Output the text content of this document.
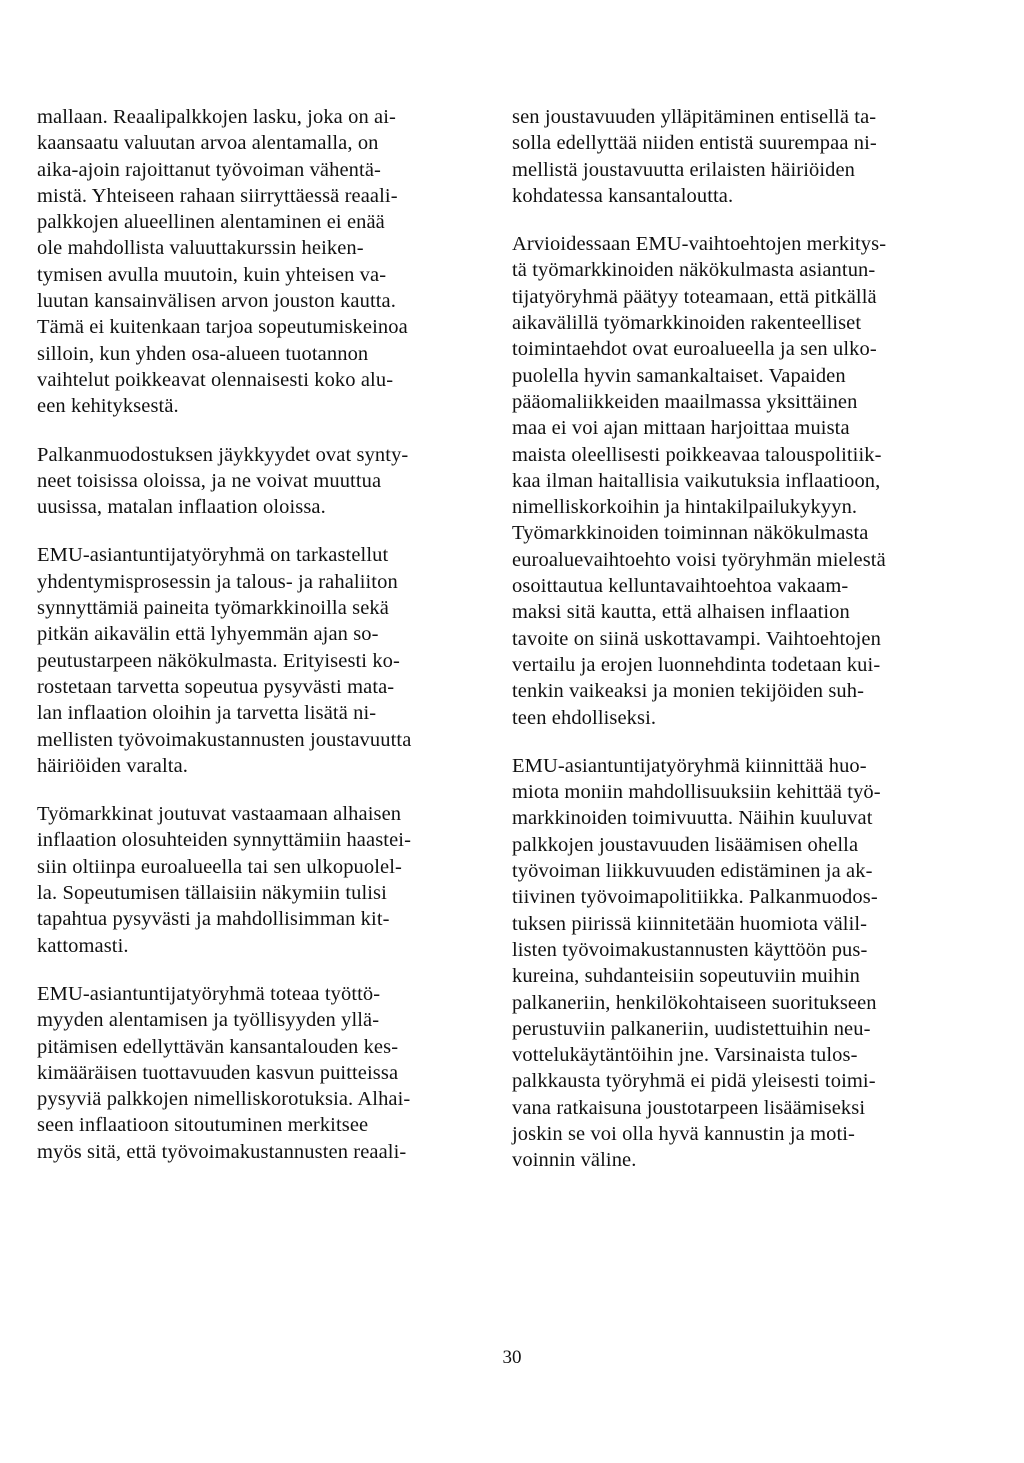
mallaan. Reaalipalkkojen lasku, joka on ai-
kaansaatu valuutan arvoa alentamalla, on
aika-ajoin rajoittanut työvoiman vähentä-
mistä. Yhteiseen rahaan siirryttäessä reaali-
palkkojen alueellinen alentaminen ei enää
ole mahdollista valuuttakurssin heiken-
tymisen avulla muutoin, kuin yhteisen va-
luutan kansainvälisen arvon jouston kautta.
Tämä ei kuitenkaan tarjoa sopeutumiskeinoa
silloin, kun yhden osa-alueen tuotannon
vaihtelut poikkeavat olennaisesti koko alu-
een kehityksestä.
Palkanmuodostuksen jäykkyydet ovat synty-
neet toisissa oloissa, ja ne voivat muuttua
uusissa, matalan inflaation oloissa.
EMU-asiantuntijatyöryhmä on tarkastellut
yhdentymisprosessin ja talous- ja rahaliiton
synnyttämiä paineita työmarkkinoilla sekä
pitkän aikavälin että lyhyemmän ajan so-
peutustarpeen näkökulmasta. Erityisesti ko-
rostetaan tarvetta sopeutua pysyvästi mata-
lan inflaation oloihin ja tarvetta lisätä ni-
mellisten työvoimakustannusten joustavuutta
häiriöiden varalta.
Työmarkkinat joutuvat vastaamaan alhaisen
inflaation olosuhteiden synnyttämiin haastei-
siin oltiinpa euroalueella tai sen ulkopuolel-
la. Sopeutumisen tällaisiin näkymiin tulisi
tapahtua pysyvästi ja mahdollisimman kit-
kattomasti.
EMU-asiantuntijatyöryhmä toteaa työttö-
myyden alentamisen ja työllisyyden yllä-
pitämisen edellyttävän kansantalouden kes-
kimääräisen tuottavuuden kasvun puitteissa
pysyviä palkkojen nimelliskorotuksia. Alhai-
seen inflaatioon sitoutuminen merkitsee
myös sitä, että työvoimakustannusten reaali-
sen joustavuuden ylläpitäminen entisellä ta-
solla edellyttää niiden entistä suurempaa ni-
mellistä joustavuutta erilaisten häiriöiden
kohdatessa kansantaloutta.
Arvioidessaan EMU-vaihtoehtojen merkitys-
tä työmarkkinoiden näkökulmasta asiantun-
tijatyöryhmä päätyy toteamaan, että pitkällä
aikavälillä työmarkkinoiden rakenteelliset
toimintaehdot ovat euroalueella ja sen ulko-
puolella hyvin samankaltaiset. Vapaiden
pääomaliikkeiden maailmassa yksittäinen
maa ei voi ajan mittaan harjoittaa muista
maista oleellisesti poikkeavaa talouspolitiik-
kaa ilman haitallisia vaikutuksia inflaatioon,
nimelliskorkoihin ja hintakilpailukykyyn.
Työmarkkinoiden toiminnan näkökulmasta
euroaluevaihtoehto voisi työryhmän mielestä
osoittautua kelluntavaihtoehtoa vakaam-
maksi sitä kautta, että alhaisen inflaation
tavoite on siinä uskottavampi. Vaihtoehtojen
vertailu ja erojen luonnehdinta todetaan kui-
tenkin vaikeaksi ja monien tekijöiden suh-
teen ehdolliseksi.
EMU-asiantuntijatyöryhmä kiinnittää huo-
miota moniin mahdollisuuksiin kehittää työ-
markkinoiden toimivuutta. Näihin kuuluvat
palkkojen joustavuuden lisäämisen ohella
työvoiman liikkuvuuden edistäminen ja ak-
tiivinen työvoimapolitiikka. Palkanmuodos-
tuksen piirissä kiinnitetään huomiota välil-
listen työvoimakustannusten käyttöön pus-
kureina, suhdanteisiin sopeutuviin muihin
palkaneriin, henkilökohtaiseen suoritukseen
perustuviin palkaneriin, uudistettuihin neu-
vottelukäytäntöihin jne. Varsinaista tulos-
palkkausta työryhmä ei pidä yleisesti toimi-
vana ratkaisuna joustotarpeen lisäämiseksi
joskin se voi olla hyvä kannustin ja moti-
voinnin väline.
30
